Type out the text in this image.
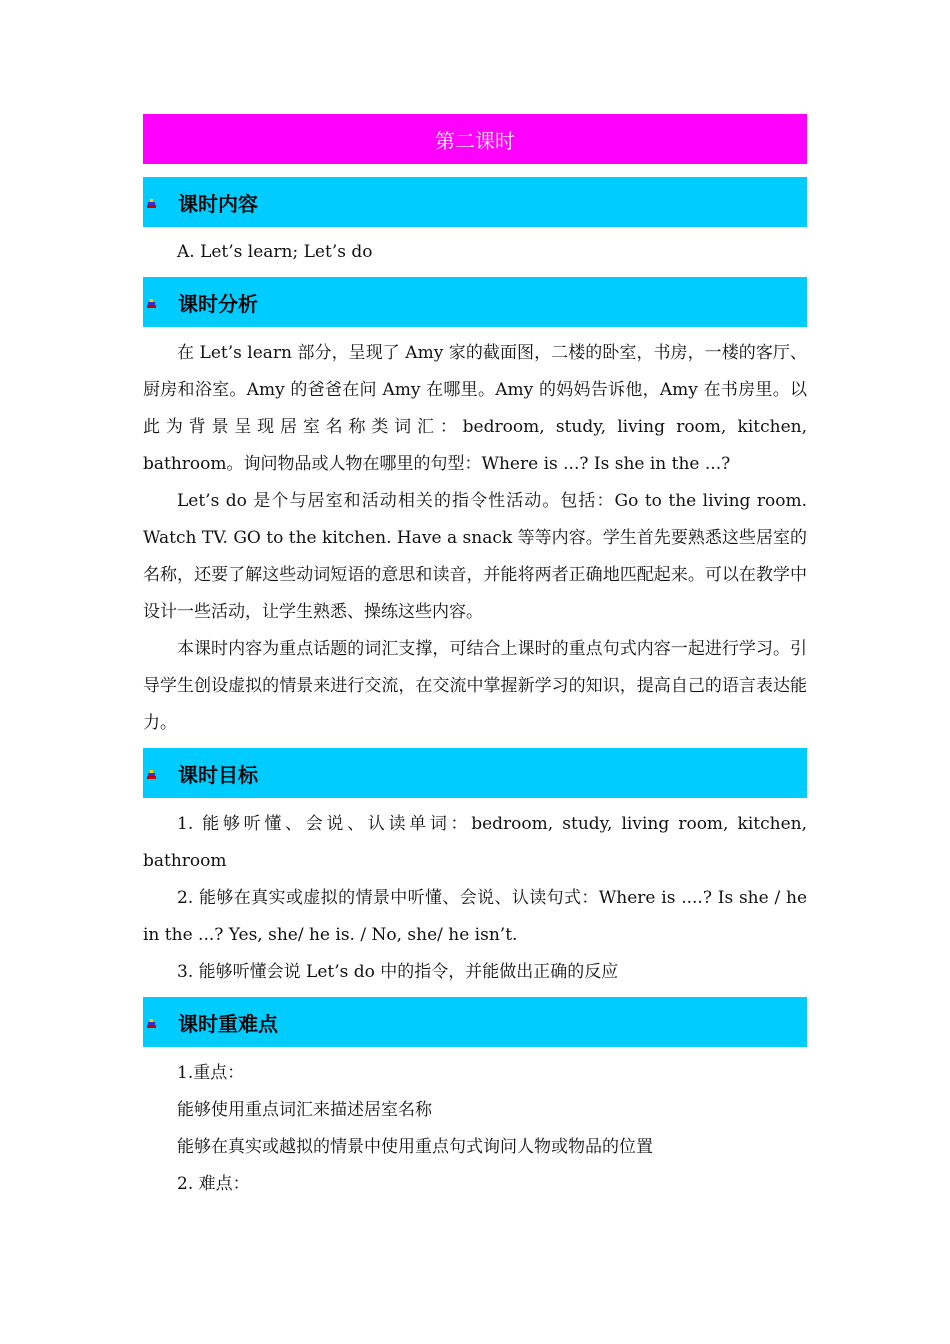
第二课时
课时内容

A. Let’s learn; Let’s do

课时分析

在 Let’s learn 部分，呈现了 Amy 家的截面图，二楼的卧室，书房，一楼的客厅、厨房和浴室。Amy 的爸爸在问 Amy 在哪里。Amy 的妈妈告诉他，Amy 在书房里。以此为背景呈现居室名称类词汇：bedroom, study, living room, kitchen, bathroom。询问物品或人物在哪里的句型：Where is ...? Is she in the ...?

Let’s do 是个与居室和活动相关的指令性活动。包括：Go to the living room. Watch TV. GO to the kitchen. Have a snack 等等内容。学生首先要熟悉这些居室的名称，还要了解这些动词短语的意思和读音，并能将两者正确地匹配起来。可以在教学中设计一些活动，让学生熟悉、操练这些内容。

本课时内容为重点话题的词汇支撑，可结合上课时的重点句式内容一起进行学习。引导学生创设虚拟的情景来进行交流，在交流中掌握新学习的知识，提高自己的语言表达能力。

课时目标

1. 能够听懂、会说、认读单词：bedroom, study, living room, kitchen, bathroom

2. 能够在真实或虚拟的情景中听懂、会说、认读句式：Where is ....? Is she / he in the ...? Yes, she/ he is. / No, she/ he isn’t.

3. 能够听懂会说 Let’s do 中的指令，并能做出正确的反应

课时重难点

1.重点：

能够使用重点词汇来描述居室名称

能够在真实或越拟的情景中使用重点句式询问人物或物品的位置

2. 难点：
